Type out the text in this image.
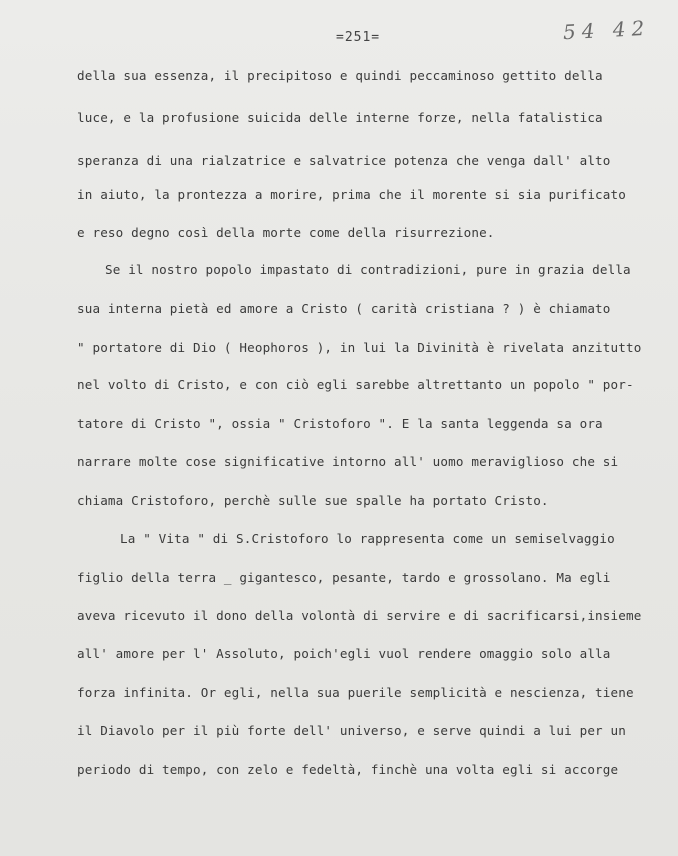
=251=	54 42
della sua essenza, il precipitoso e quindi peccaminoso gettito della
luce, e la profusione suicida delle interne forze, nella fatalistica
speranza di una rialzatrice e salvatrice potenza che venga dall' alto
in aiuto, la prontezza a morire, prima che il morente si sia purificato
e reso degno così della morte come della risurrezione.
Se il nostro popolo impastato di contradizioni, pure in grazia della
sua interna pietà ed amore a Cristo ( carità cristiana ? ) è chiamato
" portatore di Dio ( Heophoros ), in lui la Divinità è rivelata anzitutto
nel volto di Cristo, e con ciò egli sarebbe altrettanto un popolo " por-
tatore di Cristo ", ossia " Cristoforo ". E la santa leggenda sa ora
narrare molte cose significative intorno all' uomo meraviglioso che si
chiama Cristoforo, perchè sulle sue spalle ha portato Cristo.
La " Vita " di S.Cristoforo lo rappresenta come un semiselvaggio
figlio della terra _ gigantesco, pesante, tardo e grossolano. Ma egli
aveva ricevuto il dono della volontà di servire e di sacrificarsi,insieme
all' amore per l' Assoluto, poich'egli vuol rendere omaggio solo alla
forza infinita. Or egli, nella sua puerile semplicità e nescienza, tiene
il Diavolo per il più forte dell' universo, e serve quindi a lui per un
periodo di tempo, con zelo e fedeltà, finchè una volta egli si accorge
